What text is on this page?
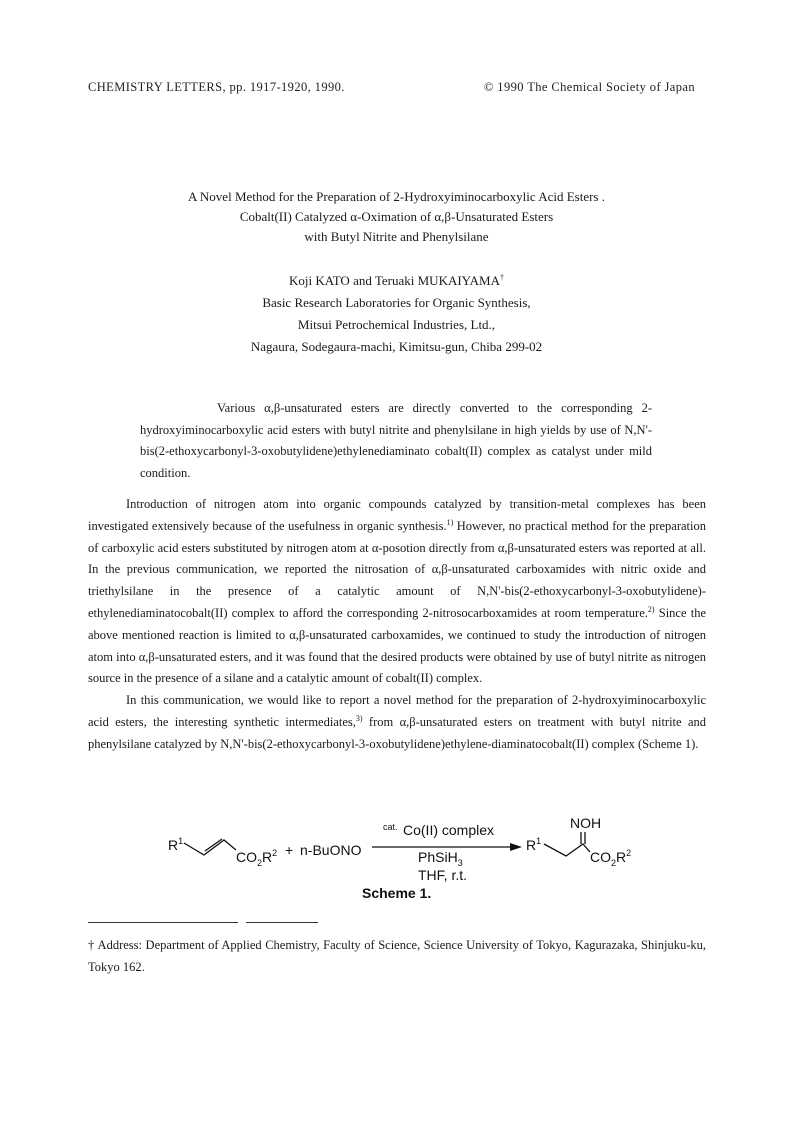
CHEMISTRY LETTERS, pp. 1917-1920, 1990.	© 1990 The Chemical Society of Japan
A Novel Method for the Preparation of 2-Hydroxyiminocarboxylic Acid Esters .
Cobalt(II) Catalyzed α-Oximation of α,β-Unsaturated Esters
with Butyl Nitrite and Phenylsilane
Koji KATO and Teruaki MUKAIYAMA†
Basic Research Laboratories for Organic Synthesis,
Mitsui Petrochemical Industries, Ltd.,
Nagaura, Sodegaura-machi, Kimitsu-gun, Chiba 299-02

Various α,β-unsaturated esters are directly converted to the corresponding 2-hydroxyiminocarboxylic acid esters with butyl nitrite and phenylsilane in high yields by use of N,N'-bis(2-ethoxycarbonyl-3-oxobutylidene)ethylenediaminato cobalt(II) complex as catalyst under mild condition.

Introduction of nitrogen atom into organic compounds catalyzed by transition-metal complexes has been investigated extensively because of the usefulness in organic synthesis.$^{1)}$ However, no practical method for the preparation of carboxylic acid esters substituted by nitrogen atom at α-posotion directly from α,β-unsaturated esters was reported at all. In the previous communication, we reported the nitrosation of α,β-unsaturated carboxamides with nitric oxide and triethylsilane in the presence of a catalytic amount of N,N'-bis(2-ethoxycarbonyl-3-oxobutylidene)-ethylenediaminatocobalt(II) complex to afford the corresponding 2-nitrosocarboxamides at room temperature.$^{2)}$ Since the above mentioned reaction is limited to α,β-unsaturated carboxamides, we continued to study the introduction of nitrogen atom into α,β-unsaturated esters, and it was found that the desired products were obtained by use of butyl nitrite as nitrogen source in the presence of a silane and a catalytic amount of cobalt(II) complex.

In this communication, we would like to report a novel method for the preparation of 2-hydroxyiminocarboxylic acid esters, the interesting synthetic intermediates,$^{3)}$ from α,β-unsaturated esters on treatment with butyl nitrite and phenylsilane catalyzed by N,N'-bis(2-ethoxycarbonyl-3-oxobutylidene)ethylene-diaminatocobalt(II) complex (Scheme 1).

$R^1$
$CO_2R^2$ + n-BuONO
cat. Co(II) complex
PhSiH$_3$
THF, r.t.
NOH
$R^1$
$CO_2R^2$
Scheme 1.
† Address: Department of Applied Chemistry, Faculty of Science, Science University of Tokyo, Kagurazaka, Shinjuku-ku, Tokyo 162.
